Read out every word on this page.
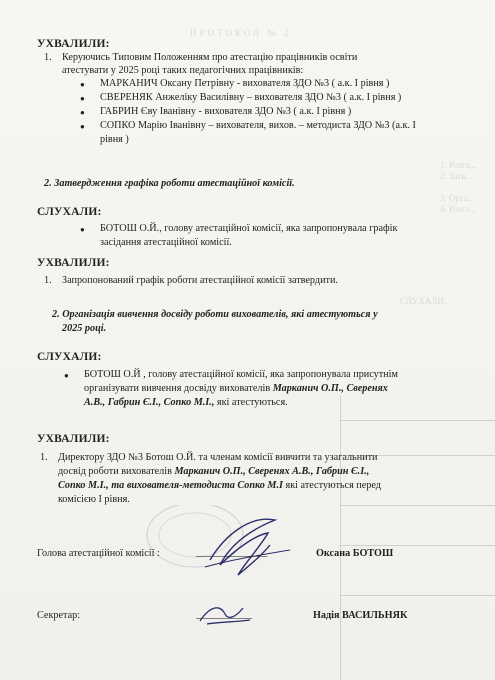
ПРОТОКОЛ № 2
1. Розгл...
2. Затв...

3. Орга...
4. Розгл...
СЛУХАЛИ:
УХВАЛИЛИ:
1. Керуючись Типовим Положенням про атестацію працівників освіти
атестувати у 2025 році таких педагогічних працівників:
● МАРКАНИЧ Оксану Петрівну - вихователя ЗДО №3 ( а.к. І рівня )
● СВЕРЕНЯК Анжеліку Василівну – вихователя ЗДО №3 ( а.к. І рівня )
● ГАБРИН Єву Іванівну - вихователя ЗДО №3 ( а.к. І рівня )
● СОПКО Марію Іванівну – вихователя, вихов. – методиста ЗДО №3 (а.к. І
рівня )
2. Затвердження графіка роботи атестаційної комісії.
СЛУХАЛИ:
● БОТОШ О.Й., голову атестаційної комісії, яка запропонувала графік
засідання атестаційної комісії.
УХВАЛИЛИ:
1. Запропонований графік роботи атестаційної комісії затвердити.
2. Організація вивчення досвіду роботи вихователів, які атестуються у
2025 році.
СЛУХАЛИ:
● БОТОШ О.Й , голову атестаційної комісії, яка запропонувала присутнім
організувати вивчення досвіду вихователів Марканич О.П., Сверенях
А.В., Габрин Є.І., Сопко М.І., які атестуються.
УХВАЛИЛИ:
1. Директору ЗДО №3 Ботош О.Й. та членам комісії вивчити та узагальнити
досвід роботи вихователів Марканич О.П., Сверенях А.В., Габрин Є.І.,
Сопко М.І., та вихователя-методиста Сопко М.І які атестуються перед
комісією І рівня.
Голова атестаційної комісії :	______________	Оксана БОТОШ
Секретар:	___________	Надія ВАСИЛЬНЯК
